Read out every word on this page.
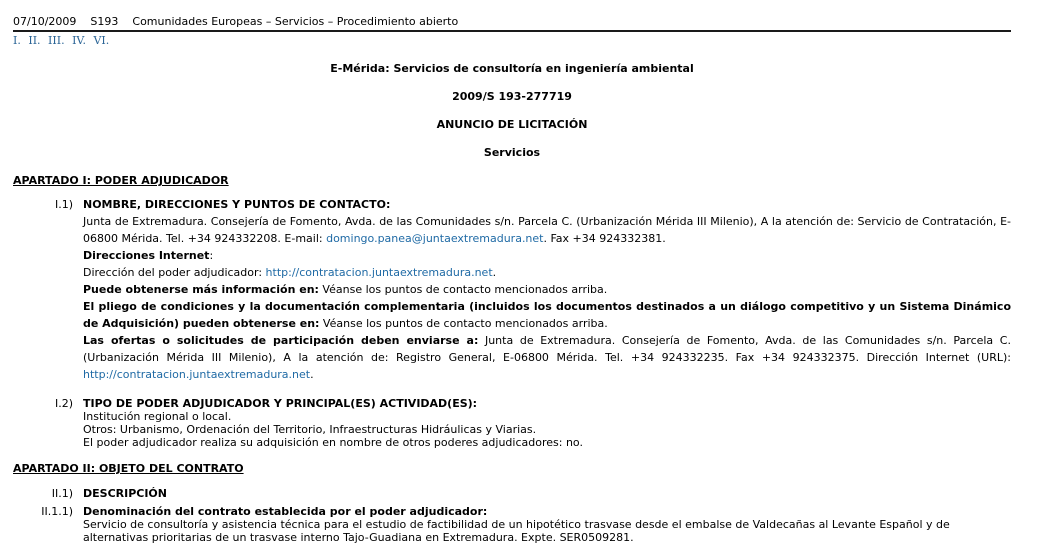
07/10/2009 S193 Comunidades Europeas – Servicios – Procedimiento abierto
I. II. III. IV. VI.
E-Mérida: Servicios de consultoría en ingeniería ambiental
2009/S 193-277719
ANUNCIO DE LICITACIÓN
Servicios
APARTADO I: PODER ADJUDICADOR
I.1) NOMBRE, DIRECCIONES Y PUNTOS DE CONTACTO:

Junta de Extremadura. Consejería de Fomento, Avda. de las Comunidades s/n. Parcela C. (Urbanización Mérida III Milenio), A la atención de: Servicio de Contratación, E-06800 Mérida. Tel. +34 924332208. E-mail: domingo.panea@juntaextremadura.net. Fax +34 924332381.

Direcciones Internet:

Dirección del poder adjudicador: http://contratacion.juntaextremadura.net.

Puede obtenerse más información en: Véanse los puntos de contacto mencionados arriba.

El pliego de condiciones y la documentación complementaria (incluidos los documentos destinados a un diálogo competitivo y un Sistema Dinámico de Adquisición) pueden obtenerse en: Véanse los puntos de contacto mencionados arriba.

Las ofertas o solicitudes de participación deben enviarse a: Junta de Extremadura. Consejería de Fomento, Avda. de las Comunidades s/n. Parcela C. (Urbanización Mérida III Milenio), A la atención de: Registro General, E-06800 Mérida. Tel. +34 924332235. Fax +34 924332375. Dirección Internet (URL): http://contratacion.juntaextremadura.net.

I.2) TIPO DE PODER ADJUDICADOR Y PRINCIPAL(ES) ACTIVIDAD(ES):

Institución regional o local.

Otros: Urbanismo, Ordenación del Territorio, Infraestructuras Hidráulicas y Viarias.

El poder adjudicador realiza su adquisición en nombre de otros poderes adjudicadores: no.

APARTADO II: OBJETO DEL CONTRATO
II.1) DESCRIPCIÓN

II.1.1) Denominación del contrato establecida por el poder adjudicador:

Servicio de consultoría y asistencia técnica para el estudio de factibilidad de un hipotético trasvase desde el embalse de Valdecañas al Levante Español y de alternativas prioritarias de un trasvase interno Tajo-Guadiana en Extremadura. Expte. SER0509281.
